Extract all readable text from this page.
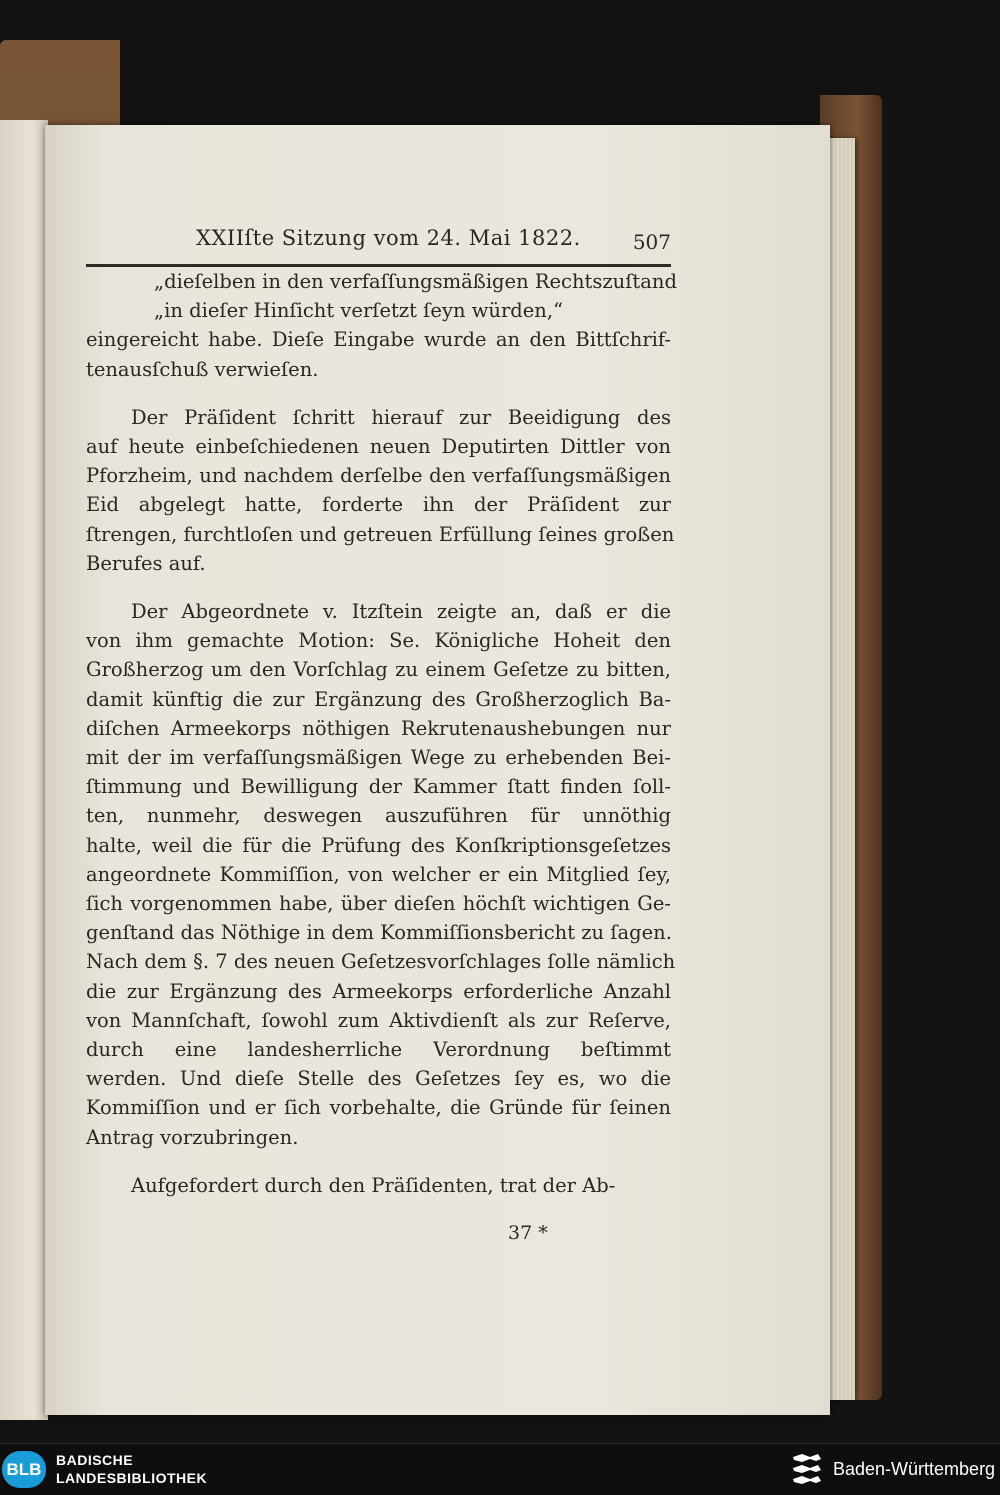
XXIIſte Sitzung vom 24. Mai 1822.	507
„dieſelben in den verfaſſungsmäßigen Rechtszuſtand
„in dieſer Hinſicht verſetzt ſeyn würden,“
eingereicht habe. Dieſe Eingabe wurde an den Bittſchrif-
tenausſchuß verwieſen.
Der Präſident ſchritt hierauf zur Beeidigung des
auf heute einbeſchiedenen neuen Deputirten Dittler von
Pforzheim, und nachdem derſelbe den verfaſſungsmäßigen
Eid abgelegt hatte, forderte ihn der Präſident zur
ſtrengen, furchtloſen und getreuen Erfüllung ſeines großen
Berufes auf.
Der Abgeordnete v. Itzſtein zeigte an, daß er die
von ihm gemachte Motion: Se. Königliche Hoheit den
Großherzog um den Vorſchlag zu einem Geſetze zu bitten,
damit künftig die zur Ergänzung des Großherzoglich Ba-
diſchen Armeekorps nöthigen Rekrutenaushebungen nur
mit der im verfaſſungsmäßigen Wege zu erhebenden Bei-
ſtimmung und Bewilligung der Kammer ſtatt finden ſoll-
ten, nunmehr, deswegen auszuführen für unnöthig
halte, weil die für die Prüfung des Konſkriptionsgeſetzes
angeordnete Kommiſſion, von welcher er ein Mitglied ſey,
ſich vorgenommen habe, über dieſen höchſt wichtigen Ge-
genſtand das Nöthige in dem Kommiſſionsbericht zu ſagen.
Nach dem §. 7 des neuen Geſetzesvorſchlages ſolle nämlich
die zur Ergänzung des Armeekorps erforderliche Anzahl
von Mannſchaft, ſowohl zum Aktivdienſt als zur Reſerve,
durch eine landesherrliche Verordnung beſtimmt
werden. Und dieſe Stelle des Geſetzes ſey es, wo die
Kommiſſion und er ſich vorbehalte, die Gründe für ſeinen
Antrag vorzubringen.
Aufgefordert durch den Präſidenten, trat der Ab-
37 *
BLB	BADISCHE
LANDESBIBLIOTHEK	Baden-Württemberg
